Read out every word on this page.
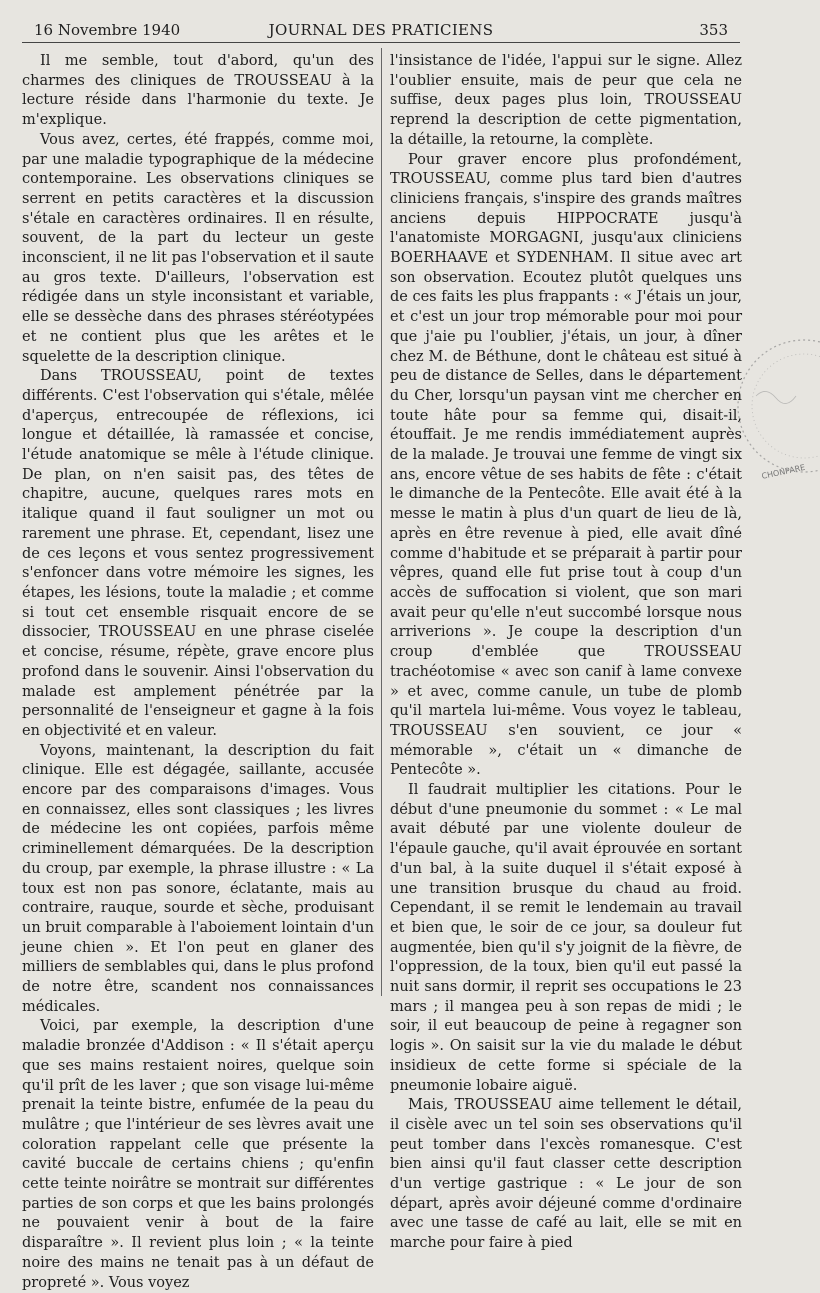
16 Novembre 1940	JOURNAL DES PRATICIENS	353

Il me semble, tout d'abord, qu'un des charmes des cliniques de TROUSSEAU à la lecture réside dans l'harmonie du texte. Je m'explique.

Vous avez, certes, été frappés, comme moi, par une maladie typographique de la médecine contemporaine. Les observations cliniques se serrent en petits caractères et la discussion s'étale en caractères ordinaires. Il en résulte, souvent, de la part du lecteur un geste inconscient, il ne lit pas l'observation et il saute au gros texte. D'ailleurs, l'observation est rédigée dans un style inconsistant et variable, elle se dessèche dans des phrases stéréotypées et ne contient plus que les arêtes et le squelette de la description clinique.

Dans TROUSSEAU, point de textes différents. C'est l'observation qui s'étale, mêlée d'aperçus, entrecoupée de réflexions, ici longue et détaillée, là ramassée et concise, l'étude anatomique se mêle à l'étude clinique. De plan, on n'en saisit pas, des têtes de chapitre, aucune, quelques rares mots en italique quand il faut souligner un mot ou rarement une phrase. Et, cependant, lisez une de ces leçons et vous sentez progressivement s'enfoncer dans votre mémoire les signes, les étapes, les lésions, toute la maladie ; et comme si tout cet ensemble risquait encore de se dissocier, TROUSSEAU en une phrase ciselée et concise, résume, répète, grave encore plus profond dans le souvenir. Ainsi l'observation du malade est amplement pénétrée par la personnalité de l'enseigneur et gagne à la fois en objectivité et en valeur.

Voyons, maintenant, la description du fait clinique. Elle est dégagée, saillante, accusée encore par des comparaisons d'images. Vous en connaissez, elles sont classiques ; les livres de médecine les ont copiées, parfois même criminellement démarquées. De la description du croup, par exemple, la phrase illustre : « La toux est non pas sonore, éclatante, mais au contraire, rauque, sourde et sèche, produisant un bruit comparable à l'aboiement lointain d'un jeune chien ». Et l'on peut en glaner des milliers de semblables qui, dans le plus profond de notre être, scandent nos connaissances médicales.

Voici, par exemple, la description d'une maladie bronzée d'Addison : « Il s'était aperçu que ses mains restaient noires, quelque soin qu'il prît de les laver ; que son visage lui-même prenait la teinte bistre, enfumée de la peau du mulâtre ; que l'intérieur de ses lèvres avait une coloration rappelant celle que présente la cavité buccale de certains chiens ; qu'enfin cette teinte noirâtre se montrait sur différentes parties de son corps et que les bains prolongés ne pouvaient venir à bout de la faire disparaître ». Il revient plus loin ; « la teinte noire des mains ne tenait pas à un défaut de propreté ». Vous voyez

l'insistance de l'idée, l'appui sur le signe. Allez l'oublier ensuite, mais de peur que cela ne suffise, deux pages plus loin, TROUSSEAU reprend la description de cette pigmentation, la détaille, la retourne, la complète.

Pour graver encore plus profondément, TROUSSEAU, comme plus tard bien d'autres cliniciens français, s'inspire des grands maîtres anciens depuis HIPPOCRATE jusqu'à l'anatomiste MORGAGNI, jusqu'aux cliniciens BOERHAAVE et SYDENHAM. Il situe avec art son observation. Ecoutez plutôt quelques uns de ces faits les plus frappants : « J'étais un jour, et c'est un jour trop mémorable pour moi pour que j'aie pu l'oublier, j'étais, un jour, à dîner chez M. de Béthune, dont le château est situé à peu de distance de Selles, dans le département du Cher, lorsqu'un paysan vint me chercher en toute hâte pour sa femme qui, disait-il, étouffait. Je me rendis immédiatement auprès de la malade. Je trouvai une femme de vingt six ans, encore vêtue de ses habits de fête : c'était le dimanche de la Pentecôte. Elle avait été à la messe le matin à plus d'un quart de lieu de là, après en être revenue à pied, elle avait dîné comme d'habitude et se préparait à partir pour vêpres, quand elle fut prise tout à coup d'un accès de suffocation si violent, que son mari avait peur qu'elle n'eut succombé lorsque nous arriverions ». Je coupe la description d'un croup d'emblée que TROUSSEAU trachéotomise « avec son canif à lame convexe » et avec, comme canule, un tube de plomb qu'il martela lui-même. Vous voyez le tableau, TROUSSEAU s'en souvient, ce jour « mémorable », c'était un « dimanche de Pentecôte ».

Il faudrait multiplier les citations. Pour le début d'une pneumonie du sommet : « Le mal avait débuté par une violente douleur de l'épaule gauche, qu'il avait éprouvée en sortant d'un bal, à la suite duquel il s'était exposé à une transition brusque du chaud au froid. Cependant, il se remit le lendemain au travail et bien que, le soir de ce jour, sa douleur fut augmentée, bien qu'il s'y joignit de la fièvre, de l'oppression, de la toux, bien qu'il eut passé la nuit sans dormir, il reprit ses occupations le 23 mars ; il mangea peu à son repas de midi ; le soir, il eut beaucoup de peine à regagner son logis ». On saisit sur la vie du malade le début insidieux de cette forme si spéciale de la pneumonie lobaire aiguë.

Mais, TROUSSEAU aime tellement le détail, il cisèle avec un tel soin ses observations qu'il peut tomber dans l'excès romanesque. C'est bien ainsi qu'il faut classer cette description d'un vertige gastrique : « Le jour de son départ, après avoir déjeuné comme d'ordinaire avec une tasse de café au lait, elle se mit en marche pour faire à pied

CHONPARE
